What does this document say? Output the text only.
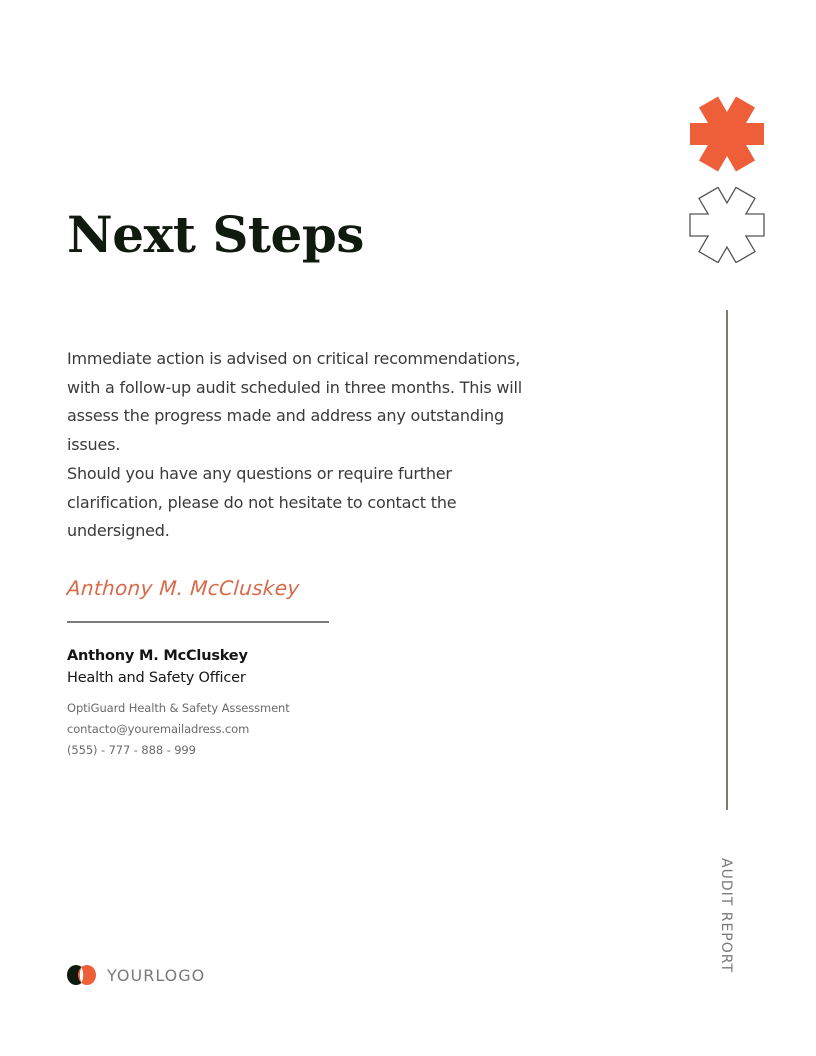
Next Steps

Immediate action is advised on critical recommendations, with a follow-up audit scheduled in three months. This will assess the progress made and address any outstanding issues.

Should you have any questions or require further clarification, please do not hesitate to contact the undersigned.

Anthony M. McCluskey
Anthony M. McCluskey
Health and Safety Officer
OptiGuard Health & Safety Assessment
contacto@youremailadress.com
(555) - 777 - 888 - 999
YOURLOGO
AUDIT REPORT
